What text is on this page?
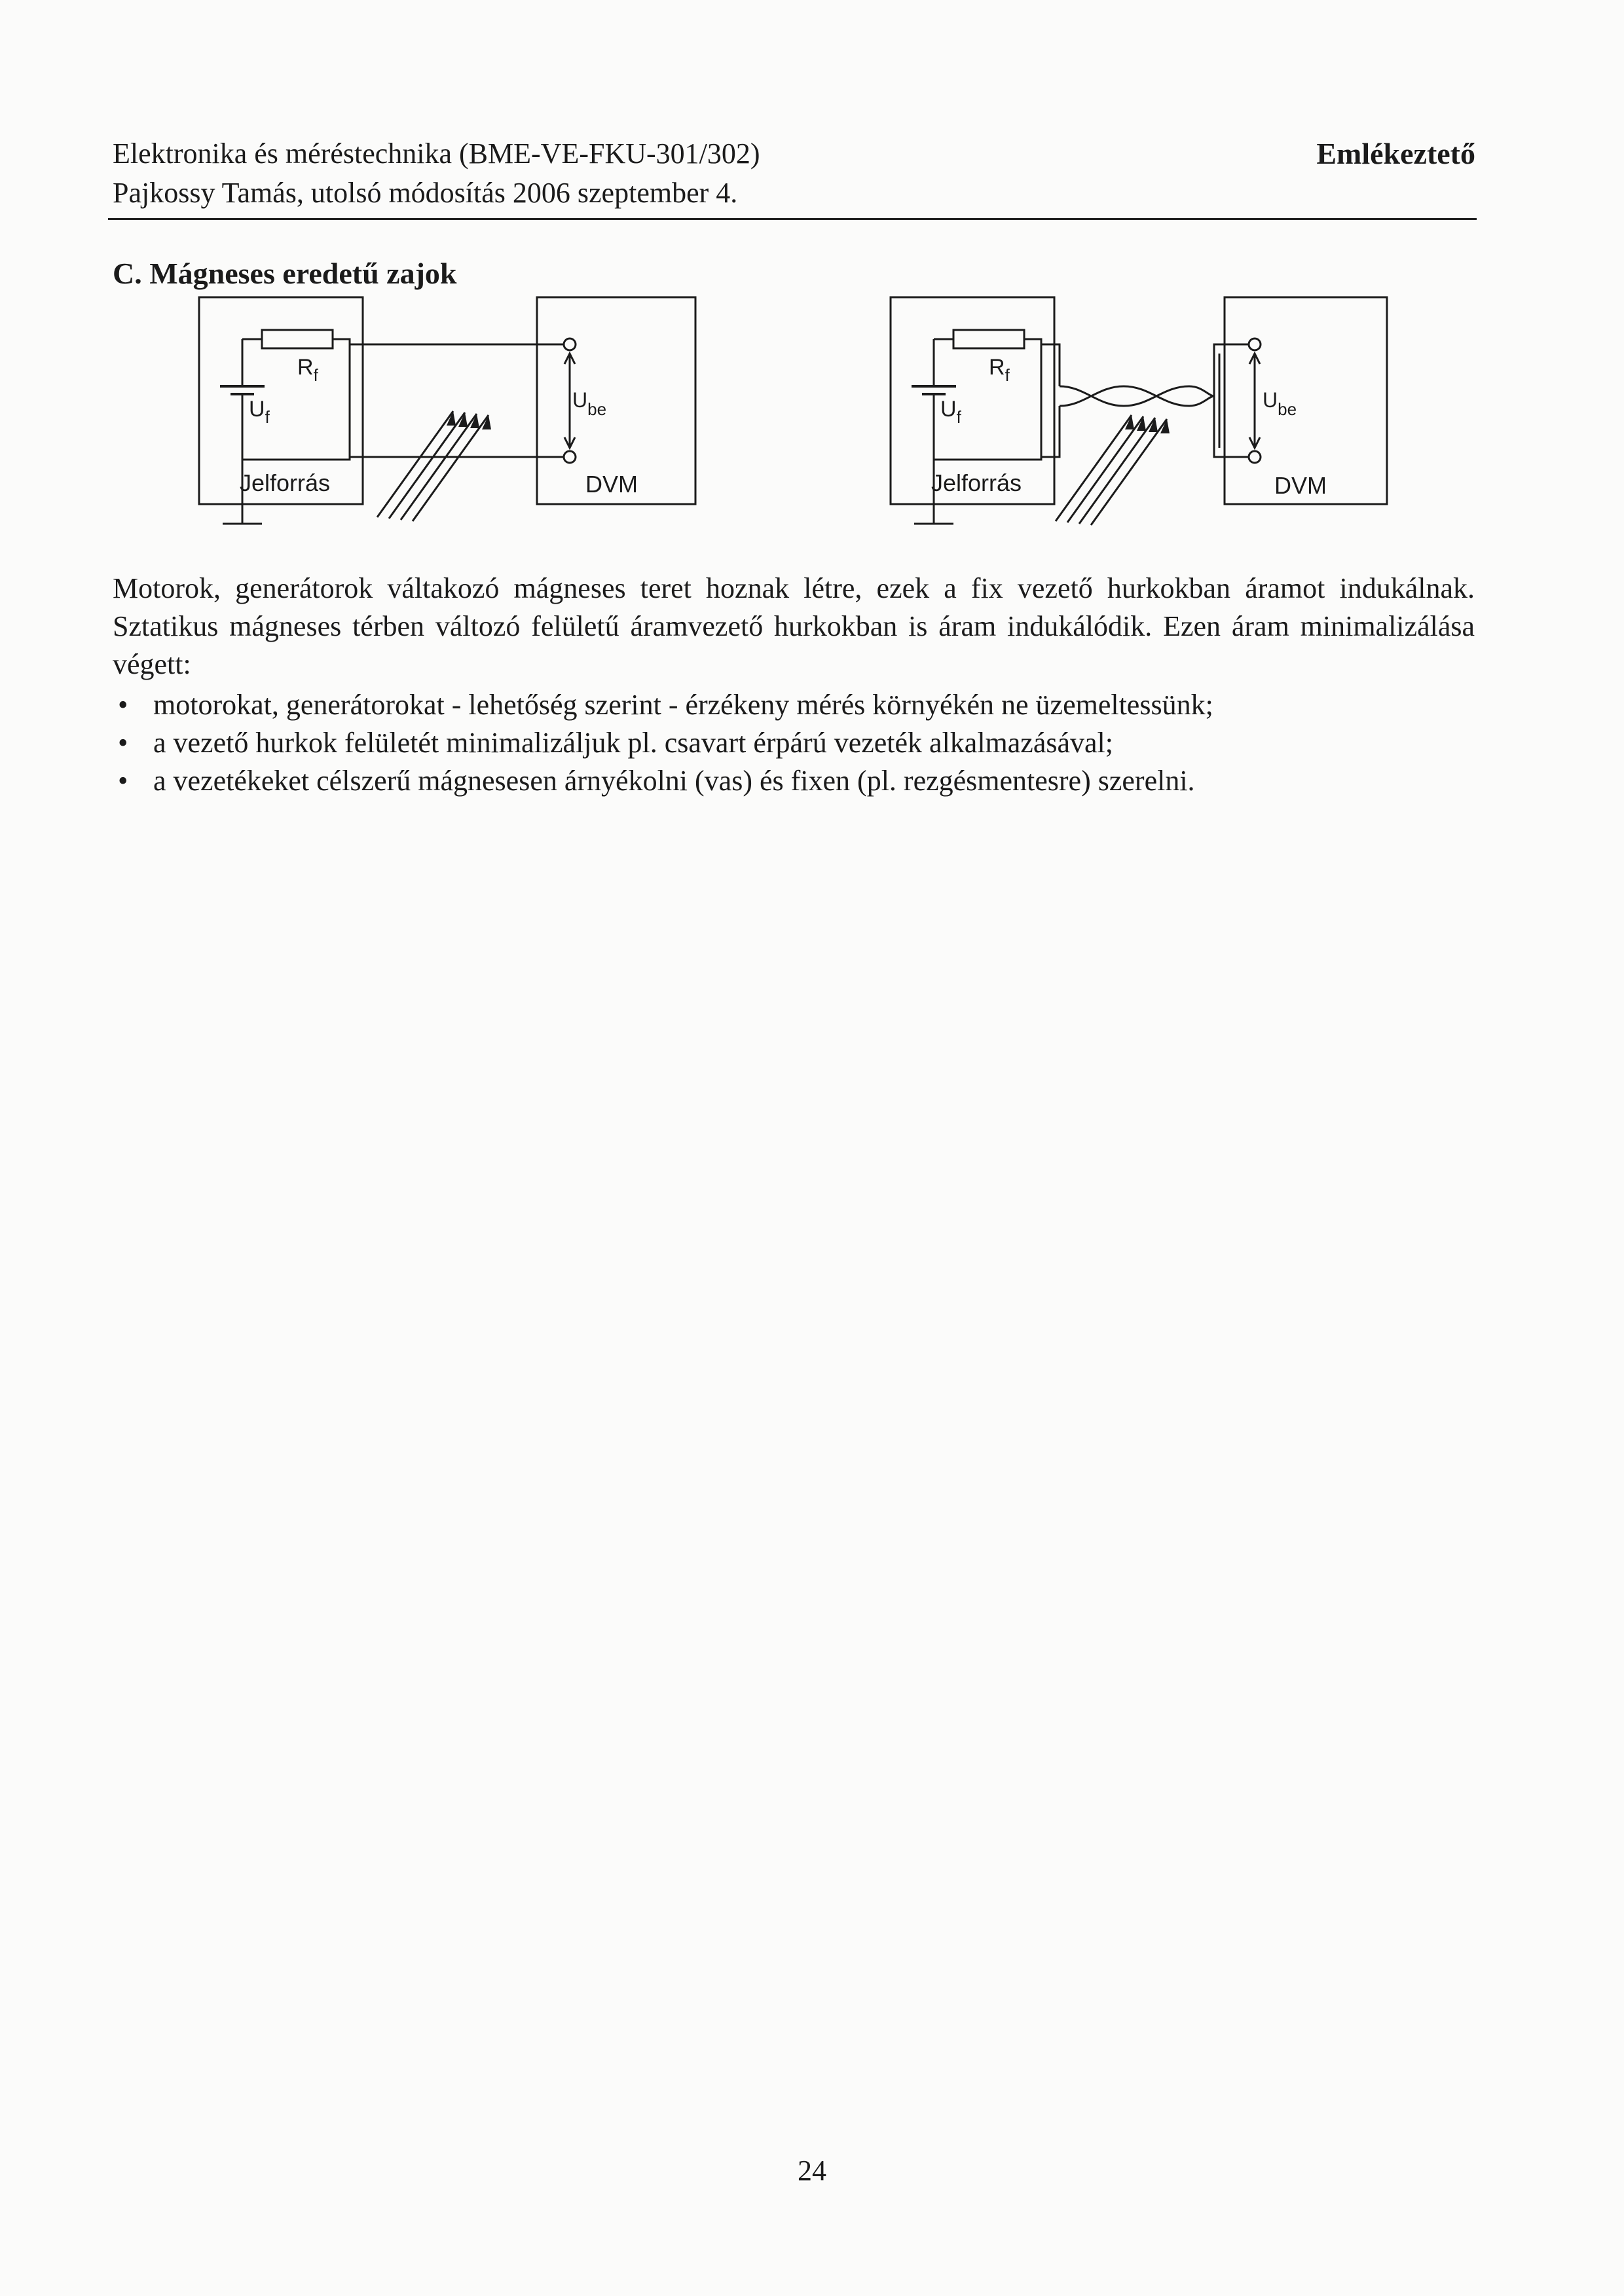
Elektronika és méréstechnika (BME-VE-FKU-301/302)
Pajkossy Tamás, utolsó módosítás 2006 szeptember 4.
Emlékeztető
C. Mágneses eredetű zajok
$R_f$
$U_f$
$U_{be}$
Jelforrás	DVM
$R_f$
$U_f$
$U_{be}$
Jelforrás	DVM
Motorok, generátorok váltakozó mágneses teret hoznak létre, ezek a fix vezető hurkokban áramot indukálnak. Sztatikus mágneses térben változó felületű áramvezető hurkokban is áram indukálódik. Ezen áram minimalizálása végett:
• motorokat, generátorokat - lehetőség szerint - érzékeny mérés környékén ne üzemeltessünk;
• a vezető hurkok felületét minimalizáljuk pl. csavart érpárú vezeték alkalmazásával;
• a vezetékeket célszerű mágnesesen árnyékolni (vas) és fixen (pl. rezgésmentesre) szerelni.
24
